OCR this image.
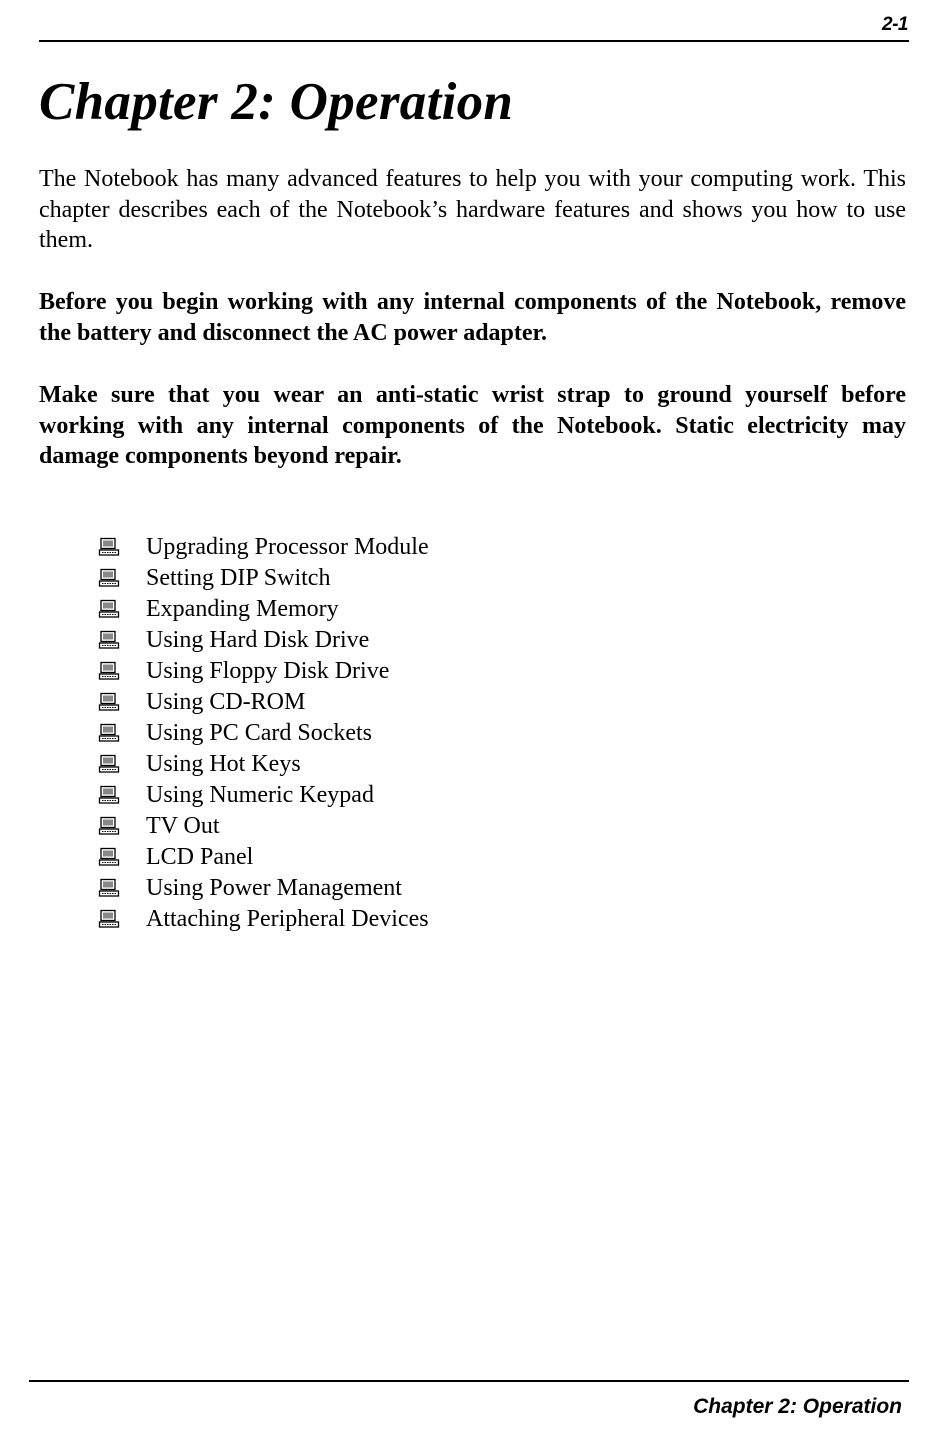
2-1
Chapter 2: Operation

The Notebook has many advanced features to help you with your computing work. This chapter describes each of the Notebook’s hardware features and shows you how to use them.

Before you begin working with any internal components of the Notebook, remove the battery and disconnect the AC power adapter.

Make sure that you wear an anti-static wrist strap to ground yourself before working with any internal components of the Notebook. Static electricity may damage components beyond repair.

Upgrading Processor Module
Setting DIP Switch
Expanding Memory
Using Hard Disk Drive
Using Floppy Disk Drive
Using CD-ROM
Using PC Card Sockets
Using Hot Keys
Using Numeric Keypad
TV Out
LCD Panel
Using Power Management
Attaching Peripheral Devices
Chapter 2: Operation
